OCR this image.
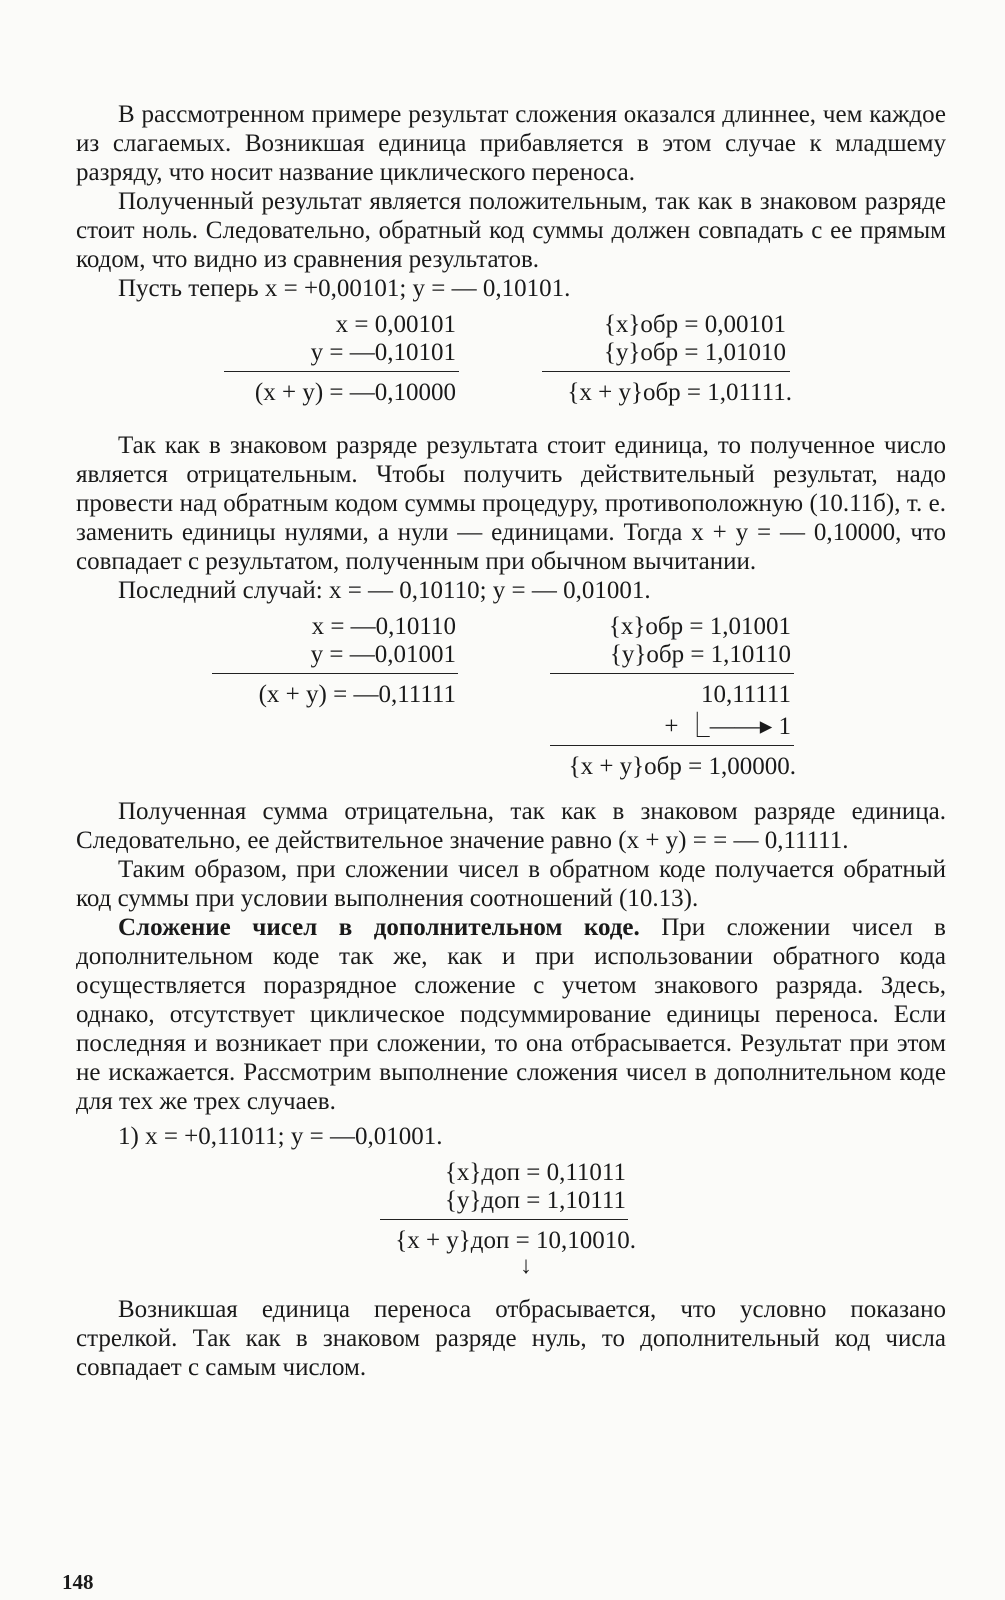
В рассмотренном примере результат сложения оказался длиннее, чем каждое из слагаемых. Возникшая единица прибавляется в этом случае к младшему разряду, что носит название циклического переноса.

Полученный результат является положительным, так как в знаковом разряде стоит ноль. Следовательно, обратный код суммы должен совпадать с ее прямым кодом, что видно из сравнения результатов.

Пусть теперь x = +0,00101; y = — 0,10101.

x = 0,00101
y = —0,10101
(x + y) = —0,10000
{x}обр = 0,00101
{y}обр = 1,01010
{x + y}обр = 1,01111.

Так как в знаковом разряде результата стоит единица, то полученное число является отрицательным. Чтобы получить действительный результат, надо провести над обратным кодом суммы процедуру, противоположную (10.11б), т. е. заменить единицы нулями, а нули — единицами. Тогда x + y = — 0,10000, что совпадает с результатом, полученным при обычном вычитании.

Последний случай: x = — 0,10110; y = — 0,01001.

x = —0,10110
y = —0,01001
(x + y) = —0,11111
{x}обр = 1,01001
{y}обр = 1,10110
10,11111
+ ⎿——▸ 1
{x + y}обр = 1,00000.

Полученная сумма отрицательна, так как в знаковом разряде единица. Следовательно, ее действительное значение равно (x + y) = = — 0,11111.

Таким образом, при сложении чисел в обратном коде получается обратный код суммы при условии выполнения соотношений (10.13).

Сложение чисел в дополнительном коде. При сложении чисел в дополнительном коде так же, как и при использовании обратного кода осуществляется поразрядное сложение с учетом знакового разряда. Здесь, однако, отсутствует циклическое подсуммирование единицы переноса. Если последняя и возникает при сложении, то она отбрасывается. Результат при этом не искажается. Рассмотрим выполнение сложения чисел в дополнительном коде для тех же трех случаев.

1) x = +0,11011; y = —0,01001.

{x}доп = 0,11011
{y}доп = 1,10111
{x + y}доп = 10,10010.
↓

Возникшая единица переноса отбрасывается, что условно показано стрелкой. Так как в знаковом разряде нуль, то дополнительный код числа совпадает с самым числом.

148
